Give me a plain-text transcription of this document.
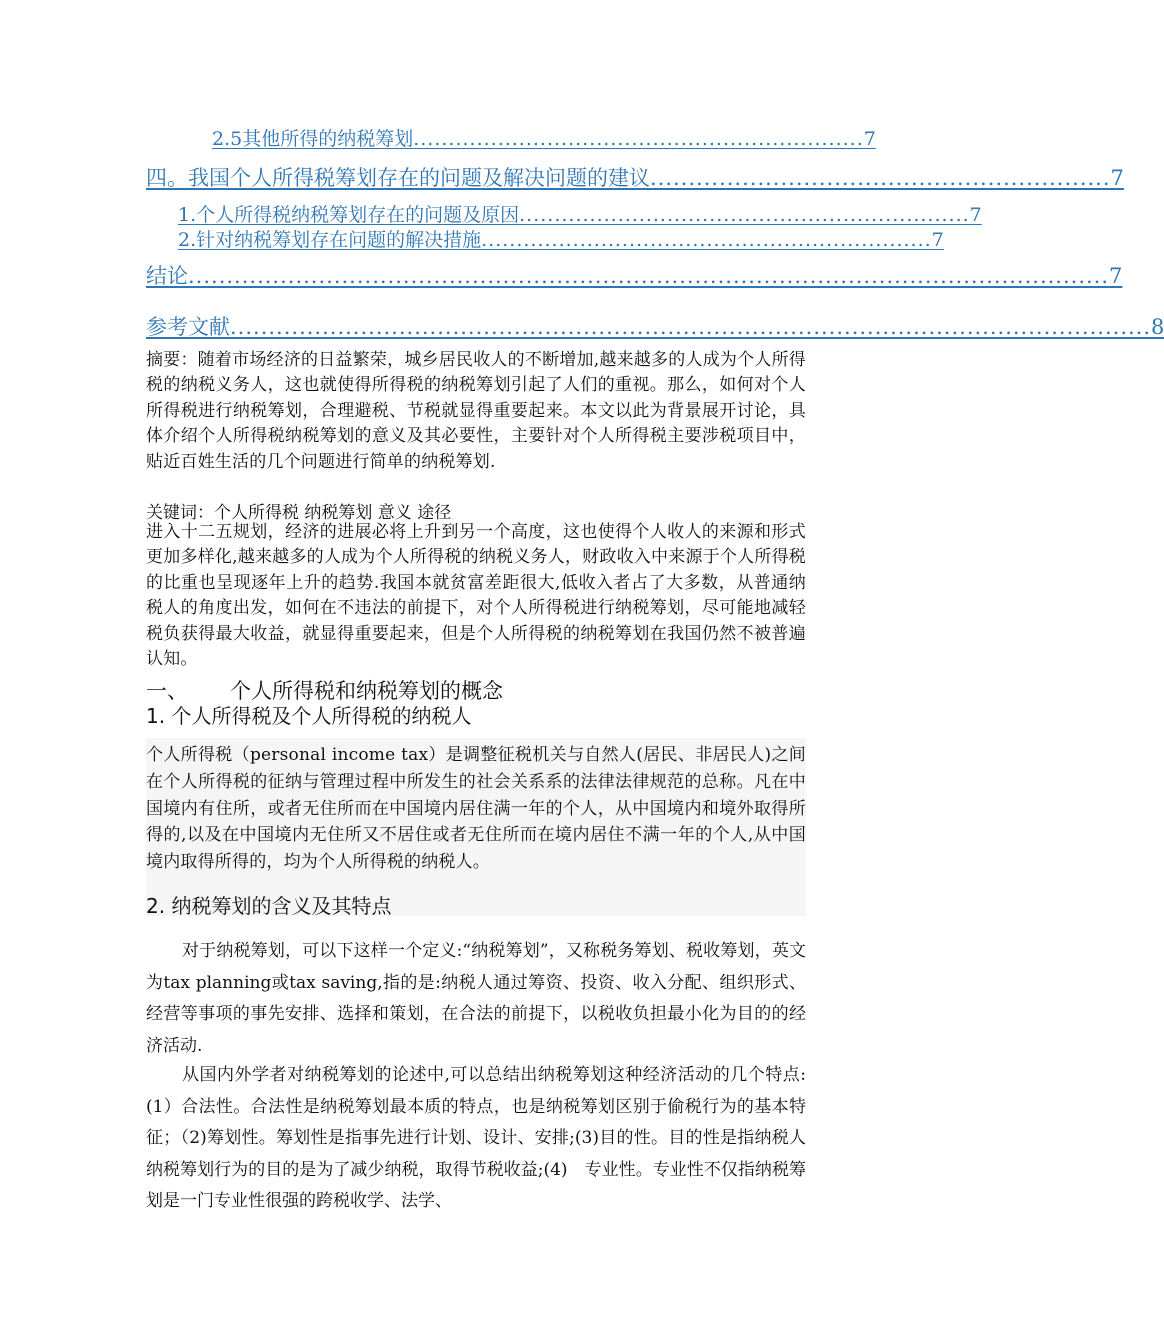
2.5其他所得的纳税筹划 ................................................................ 7
四。我国个人所得税筹划存在的问题及解决问题的建议 ............................................................ 7
1.个人所得税纳税筹划存在的问题及原因 ................................................................ 7
2.针对纳税筹划存在问题的解决措施 ................................................................ 7
结论 ........................................................................................................................ 7
参考文献 ........................................................................................................................ 8
摘要：随着市场经济的日益繁荣，城乡居民收人的不断增加,越来越多的人成为个人所得税的纳税义务人，这也就使得所得税的纳税筹划引起了人们的重视。那么，如何对个人所得税进行纳税筹划，合理避税、节税就显得重要起来。本文以此为背景展开讨论，具体介绍个人所得税纳税筹划的意义及其必要性，主要针对个人所得税主要涉税项目中，贴近百姓生活的几个问题进行简单的纳税筹划.
关键词：个人所得税 纳税筹划 意义 途径
进入十二五规划，经济的进展必将上升到另一个高度，这也使得个人收人的来源和形式更加多样化,越来越多的人成为个人所得税的纳税义务人，财政收入中来源于个人所得税的比重也呈现逐年上升的趋势.我国本就贫富差距很大,低收入者占了大多数，从普通纳税人的角度出发，如何在不违法的前提下，对个人所得税进行纳税筹划，尽可能地减轻税负获得最大收益，就显得重要起来，但是个人所得税的纳税筹划在我国仍然不被普遍认知。
一、 个人所得税和纳税筹划的概念
1. 个人所得税及个人所得税的纳税人
个人所得税（personal income tax）是调整征税机关与自然人(居民、非居民人)之间在个人所得税的征纳与管理过程中所发生的社会关系系的法律法律规范的总称。凡在中国境内有住所，或者无住所而在中国境内居住满一年的个人，从中国境内和境外取得所得的,以及在中国境内无住所又不居住或者无住所而在境内居住不满一年的个人,从中国境内取得所得的，均为个人所得税的纳税人。
2. 纳税筹划的含义及其特点
对于纳税筹划，可以下这样一个定义:“纳税筹划”，又称税务筹划、税收筹划，英文为tax planning或tax saving,指的是:纳税人通过筹资、投资、收入分配、组织形式、经营等事项的事先安排、选择和策划，在合法的前提下，以税收负担最小化为目的的经济活动.
从国内外学者对纳税筹划的论述中,可以总结出纳税筹划这种经济活动的几个特点:(1）合法性。合法性是纳税筹划最本质的特点，也是纳税筹划区别于偷税行为的基本特征；（2)筹划性。筹划性是指事先进行计划、设计、安排;(3)目的性。目的性是指纳税人纳税筹划行为的目的是为了减少纳税，取得节税收益;(4)　专业性。专业性不仅指纳税筹划是一门专业性很强的跨税收学、法学、
